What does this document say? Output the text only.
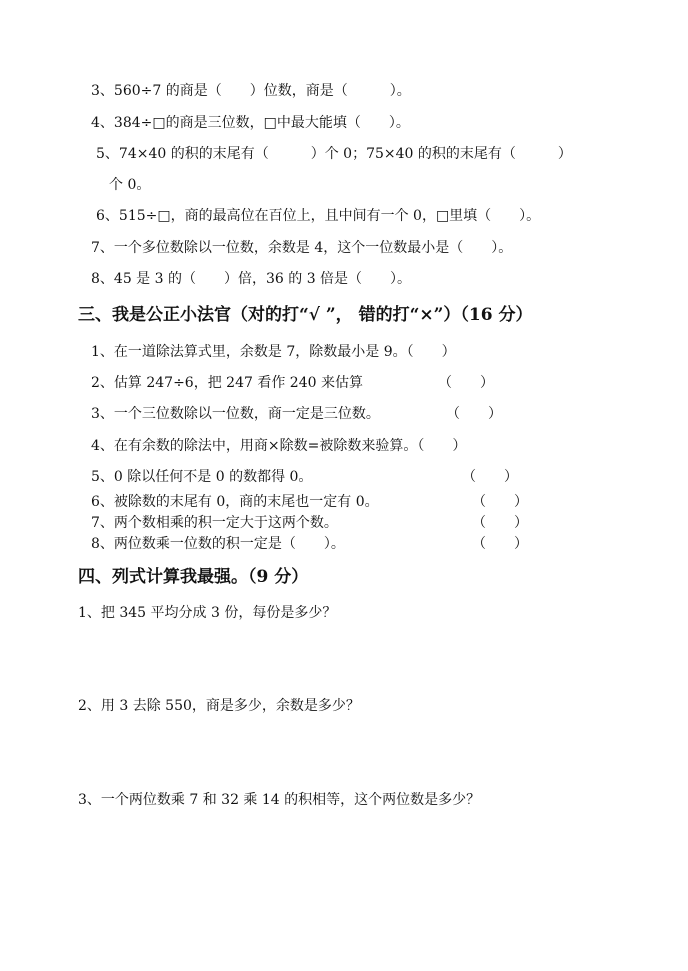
3、560÷7 的商是（　　）位数，商是（　　　）。
4、384÷□的商是三位数，□中最大能填（　　）。
5、74×40 的积的末尾有（　　　）个 0；75×40 的积的末尾有（　　　）
个 0。
6、515÷□，商的最高位在百位上，且中间有一个 0，□里填（　　）。
7、一个多位数除以一位数，余数是 4，这个一位数最小是（　　）。
8、45 是 3 的（　　）倍，36 的 3 倍是（　　）。
三、我是公正小法官（对的打“√ ”， 错的打“×”）（16 分）
1、在一道除法算式里，余数是 7，除数最小是 9。（　　）
2、估算 247÷6，把 247 看作 240 来估算	（　　）
3、一个三位数除以一位数，商一定是三位数。	（　　）
4、在有余数的除法中，用商×除数=被除数来验算。（　　）
5、0 除以任何不是 0 的数都得 0。	（　　）
6、被除数的末尾有 0，商的末尾也一定有 0。	（　　）
7、两个数相乘的积一定大于这两个数。	（　　）
8、两位数乘一位数的积一定是（　　）。	（　　）
四、列式计算我最强。（9 分）
1、把 345 平均分成 3 份，每份是多少？
2、用 3 去除 550，商是多少，余数是多少？
3、一个两位数乘 7 和 32 乘 14 的积相等，这个两位数是多少？
